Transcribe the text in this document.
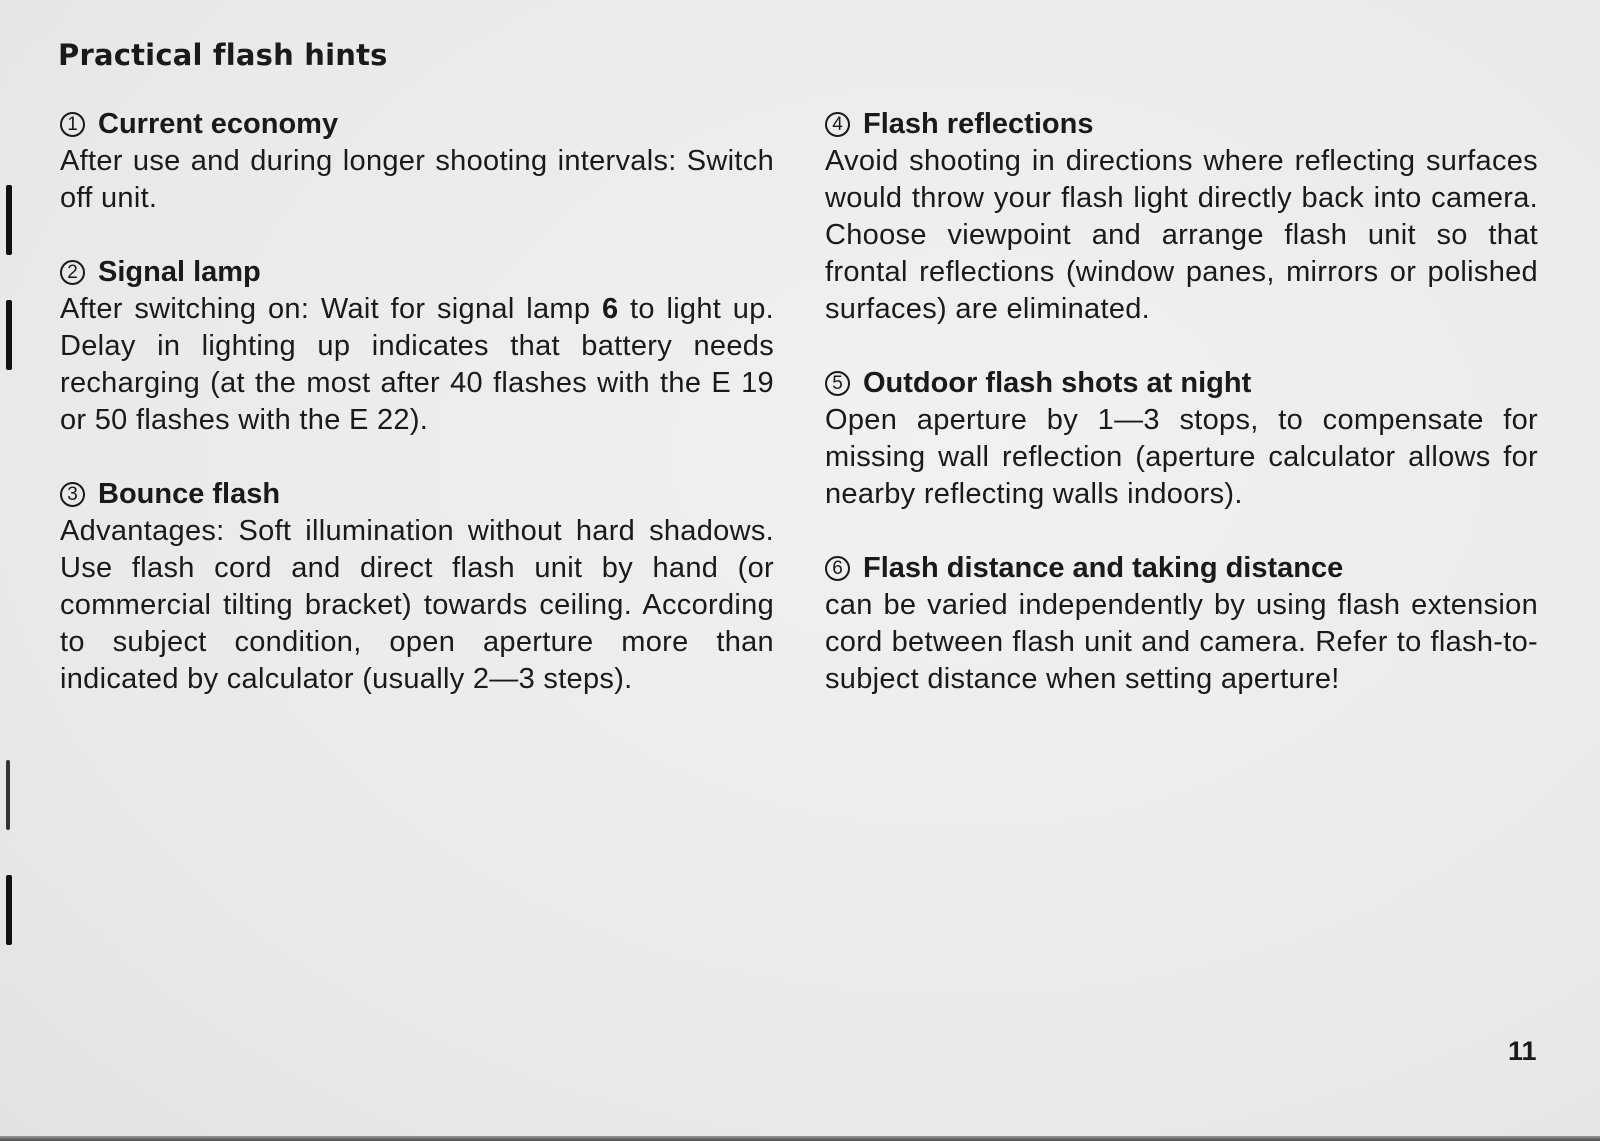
Practical flash hints
1 Current economy

After use and during longer shooting intervals: Switch off unit.

2 Signal lamp

After switching on: Wait for signal lamp 6 to light up. Delay in lighting up indicates that battery needs recharging (at the most after 40 flashes with the E 19 or 50 flashes with the E 22).

3 Bounce flash

Advantages: Soft illumination without hard shadows. Use flash cord and direct flash unit by hand (or commercial tilting bracket) towards ceiling. According to subject condition, open aperture more than indicated by calculator (usually 2—3 steps).

4 Flash reflections

Avoid shooting in directions where reflecting surfaces would throw your flash light directly back into camera. Choose viewpoint and arrange flash unit so that frontal reflections (window panes, mirrors or polished surfaces) are eliminated.

5 Outdoor flash shots at night

Open aperture by 1—3 stops, to compensate for missing wall reflection (aperture calculator allows for nearby reflecting walls indoors).

6 Flash distance and taking distance

can be varied independently by using flash extension cord between flash unit and camera. Refer to flash-to-subject distance when setting aperture!

11
